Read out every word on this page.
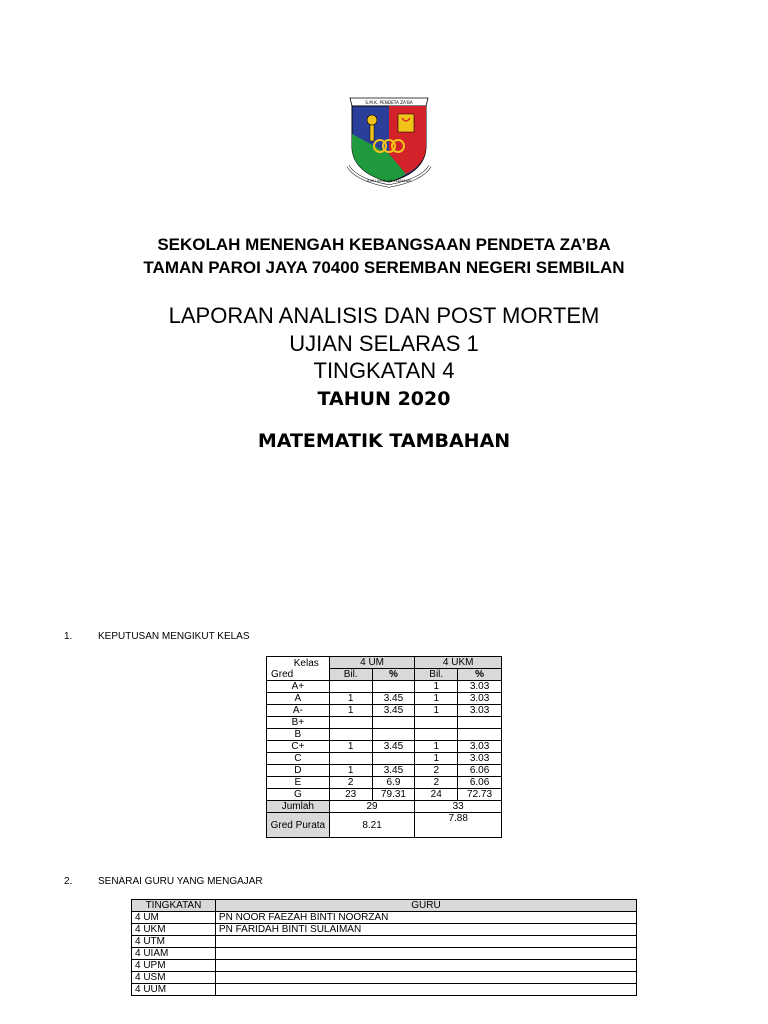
S.M.K. PENDETA ZA'BA
ILMU AMALAN KEJAYAAN
SEKOLAH MENENGAH KEBANGSAAN PENDETA ZA’BA
TAMAN PAROI JAYA 70400 SEREMBAN NEGERI SEMBILAN
LAPORAN ANALISIS DAN POST MORTEM
UJIAN SELARAS 1
TINGKATAN 4
TAHUN 2020
MATEMATIK TAMBAHAN
1.	KEPUTUSAN MENGIKUT KELAS
Kelas
Gred	4 UM		4 UKM	
	Bil.	%	Bil.	%
A+			1	3.03
A	1	3.45	1	3.03
A-	1	3.45	1	3.03
B+				
B				
C+	1	3.45	1	3.03
C			1	3.03
D	1	3.45	2	6.06
E	2	6.9	2	6.06
G	23	79.31	24	72.73
Jumlah	29		33	
Gred Purata	8.21		7.88	
2.	SENARAI GURU YANG MENGAJAR
TINGKATAN	GURU
4 UM	PN NOOR FAEZAH BINTI NOORZAN
4 UKM	PN FARIDAH BINTI SULAIMAN
4 UTM	
4 UIAM	
4 UPM	
4 USM	
4 UUM	
